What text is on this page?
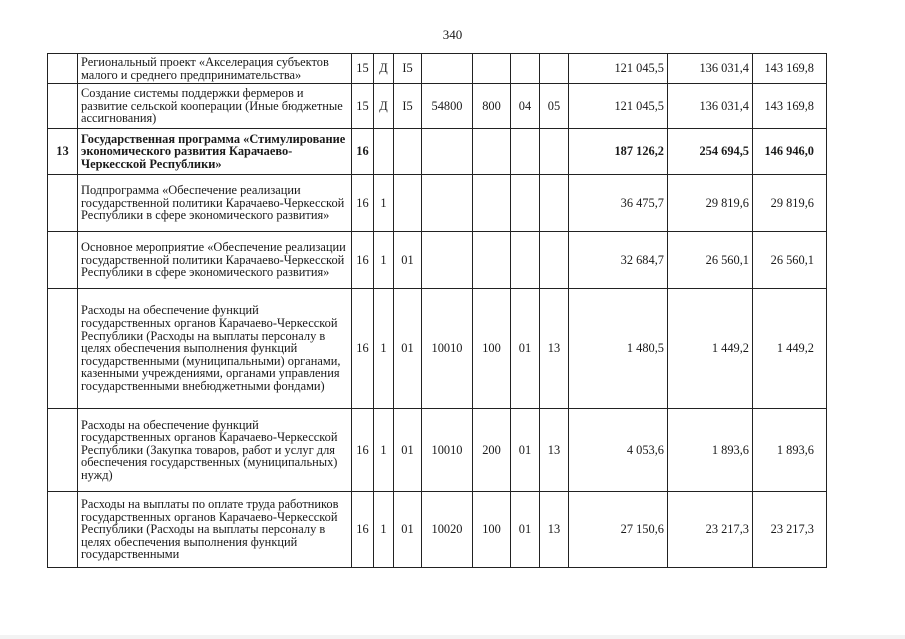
340
	Региональный проект «Акселерация субъектов малого и среднего предпринимательства»	15	Д	I5					121 045,5	136 031,4	143 169,8
	Создание системы поддержки фермеров и развитие сельской кооперации (Иные бюджетные ассигнования)	15	Д	I5	54800	800	04	05	121 045,5	136 031,4	143 169,8
13	Государственная программа «Стимулирование экономического развития Карачаево-Черкесской Республики»	16							187 126,2	254 694,5	146 946,0
	Подпрограмма «Обеспечение реализации государственной политики Карачаево-Черкесской Республики в сфере экономического развития»	16	1						36 475,7	29 819,6	29 819,6
	Основное мероприятие «Обеспечение реализации государственной политики Карачаево-Черкесской Республики в сфере экономического развития»	16	1	01					32 684,7	26 560,1	26 560,1
	Расходы на обеспечение функций государственных органов Карачаево-Черкесской Республики (Расходы на выплаты персоналу в целях обеспечения выполнения функций государственными (муниципальными) органами, казенными учреждениями, органами управления государственными внебюджетными фондами)	16	1	01	10010	100	01	13	1 480,5	1 449,2	1 449,2
	Расходы на обеспечение функций государственных органов Карачаево-Черкесской Республики (Закупка товаров, работ и услуг для обеспечения государственных (муниципальных) нужд)	16	1	01	10010	200	01	13	4 053,6	1 893,6	1 893,6
	Расходы на выплаты по оплате труда работников государственных органов Карачаево-Черкесской Республики (Расходы на выплаты персоналу в целях обеспечения выполнения функций государственными	16	1	01	10020	100	01	13	27 150,6	23 217,3	23 217,3
